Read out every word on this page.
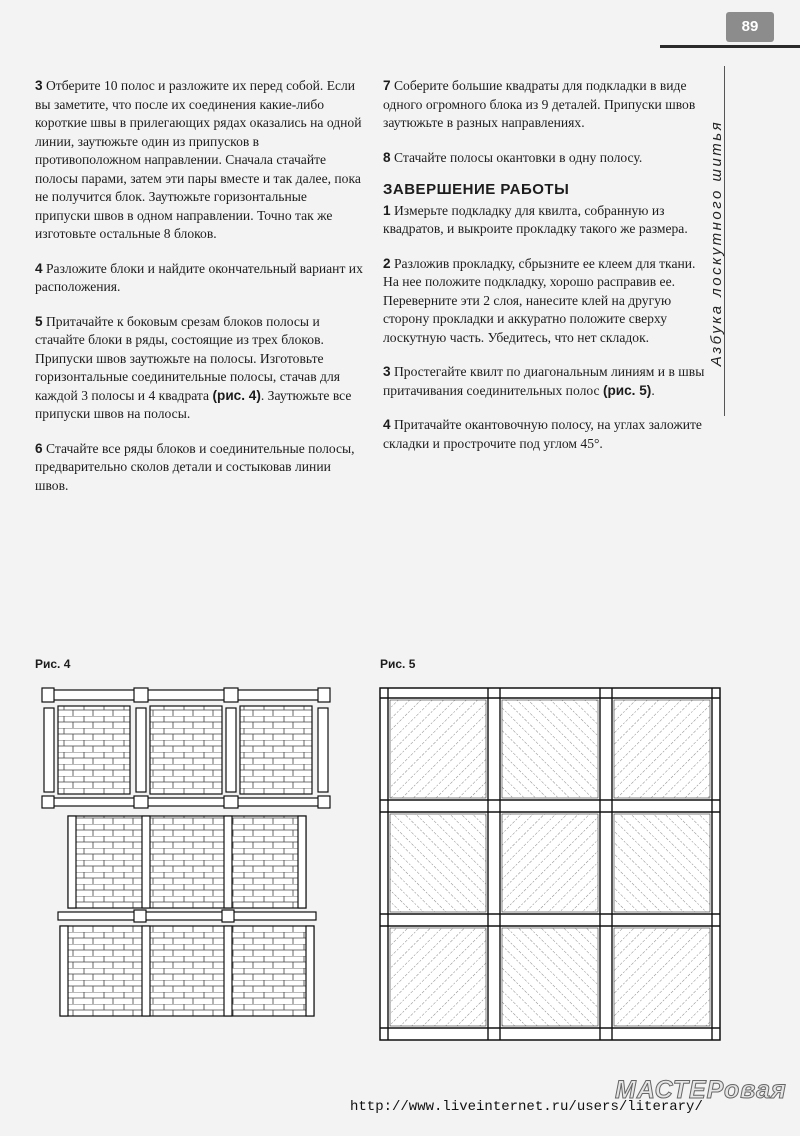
89
Азбука лоскутного шитья

3 Отберите 10 полос и разложите их перед собой. Если вы заметите, что после их соединения какие-либо короткие швы в прилегающих рядах оказались на одной линии, заутюжьте один из припусков в противоположном направлении. Сначала стачайте полосы парами, затем эти пары вместе и так далее, пока не получится блок. Заутюжьте горизонтальные припуски швов в одном направлении. Точно так же изготовьте остальные 8 блоков.

4 Разложите блоки и найдите окончательный вариант их расположения.

5 Притачайте к боковым срезам блоков полосы и стачайте блоки в ряды, состоящие из трех блоков. Припуски швов заутюжьте на полосы. Изготовьте горизонтальные соединительные полосы, стачав для каждой 3 полосы и 4 квадрата (рис. 4). Заутюжьте все припуски швов на полосы.

6 Стачайте все ряды блоков и соединительные полосы, предварительно сколов детали и состыковав линии швов.

7 Соберите большие квадраты для подкладки в виде одного огромного блока из 9 деталей. Припуски швов заутюжьте в разных направлениях.

8 Стачайте полосы окантовки в одну полосу.

ЗАВЕРШЕНИЕ РАБОТЫ

1 Измерьте подкладку для квилта, собранную из квадратов, и выкроите прокладку такого же размера.

2 Разложив прокладку, сбрызните ее клеем для ткани. На нее положите подкладку, хорошо расправив ее. Переверните эти 2 слоя, нанесите клей на другую сторону прокладки и аккуратно положите сверху лоскутную часть. Убедитесь, что нет складок.

3 Простегайте квилт по диагональным линиям и в швы притачивания соединительных полос (рис. 5).

4 Притачайте окантовочную полосу, на углах заложите складки и прострочите под углом 45°.

Рис. 4	Рис. 5
МАСТЕРовая
http://www.liveinternet.ru/users/literary/
